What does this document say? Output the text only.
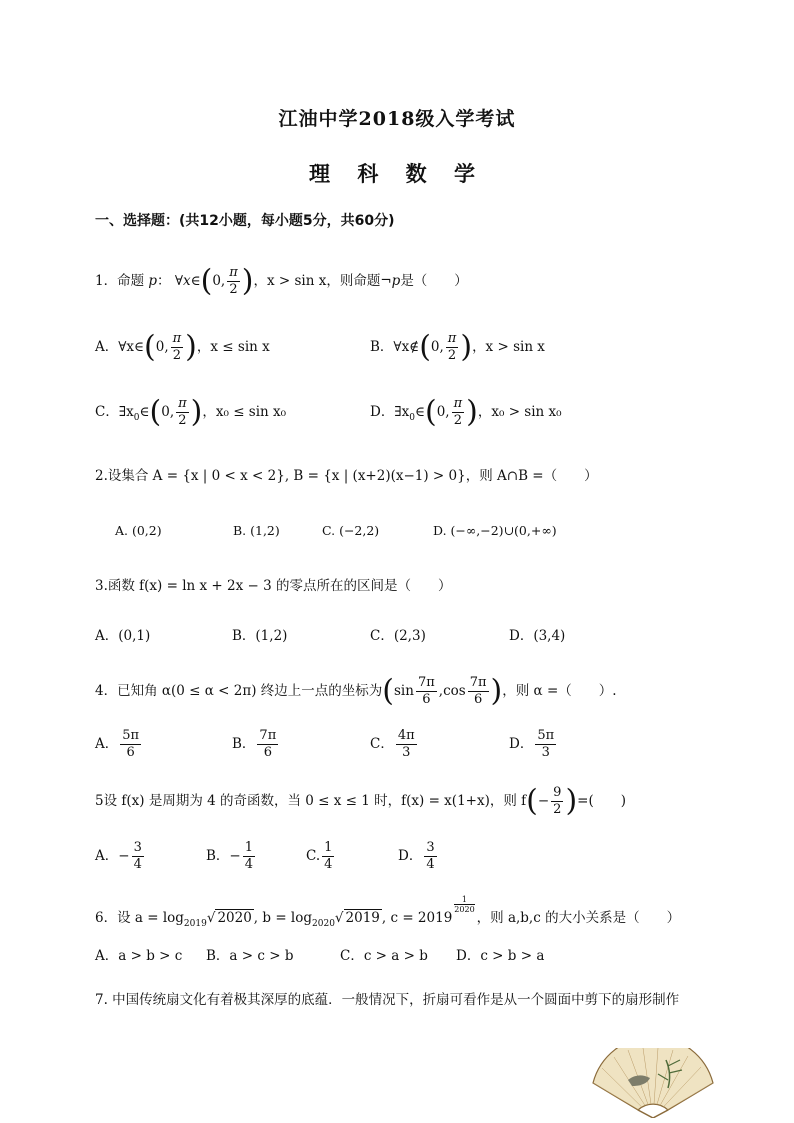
江油中学2018级入学考试
理 科 数 学
一、选择题：(共12小题，每小题5分，共60分)
1．命题 p： ∀x∈(0, $\frac{\pi}{2}$ )，x > sin x，则命题¬p是（　　）
A．∀x∈(0, $\frac{\pi}{2}$ )，x ≤ sin x	B．∀x∉(0, $\frac{\pi}{2}$ )，x > sin x
C．$\exists x_0\in(0$, $\frac{\pi}{2}$ )，x₀ ≤ sin x₀	D．$\exists x_0\in(0$, $\frac{\pi}{2}$ )，x₀ > sin x₀
2.设集合 A = {x | 0 < x < 2}, B = {x | (x+2)(x−1) > 0}，则 A∩B =（　　）
A. (0,2)	B. (1,2)	C. (−2,2)	D. (−∞,−2)∪(0,+∞)
3.函数 f(x) = ln x + 2x − 3 的零点所在的区间是（　　）
A．(0,1)	B．(1,2)	C．(2,3)	D．(3,4)
4．已知角 α(0 ≤ α < 2π) 终边上一点的坐标为($\sin \frac{7\pi}{6} ,\cos \frac{7\pi}{6}$ )，则 α =（　　）.
A． $\frac{5\pi}{6}$	B． $\frac{7\pi}{6}$	C． $\frac{4\pi}{3}$	D． $\frac{5\pi}{3}$
5设 f(x) 是周期为 4 的奇函数，当 0 ≤ x ≤ 1 时，f(x) = x(1+x)，则 $f(- \frac{9}{2}$ )=(　　)
A．− $\frac{3}{4}$	B．− $\frac{1}{4}$	C. $\frac{1}{4}$	D． $\frac{3}{4}$
6．设 $a = \log_{2019}√$ 2020 , $b = \log_{2020}√$ 2019 , c = 2019
$\frac{1}{2020}$
，则 a,b,c 的大小关系是（　　）
A．a > b > c B．a > c > b	C．c > a > b D．c > b > a
7. 中国传统扇文化有着极其深厚的底蕴．一般情况下，折扇可看作是从一个圆面中剪下的扇形制作
